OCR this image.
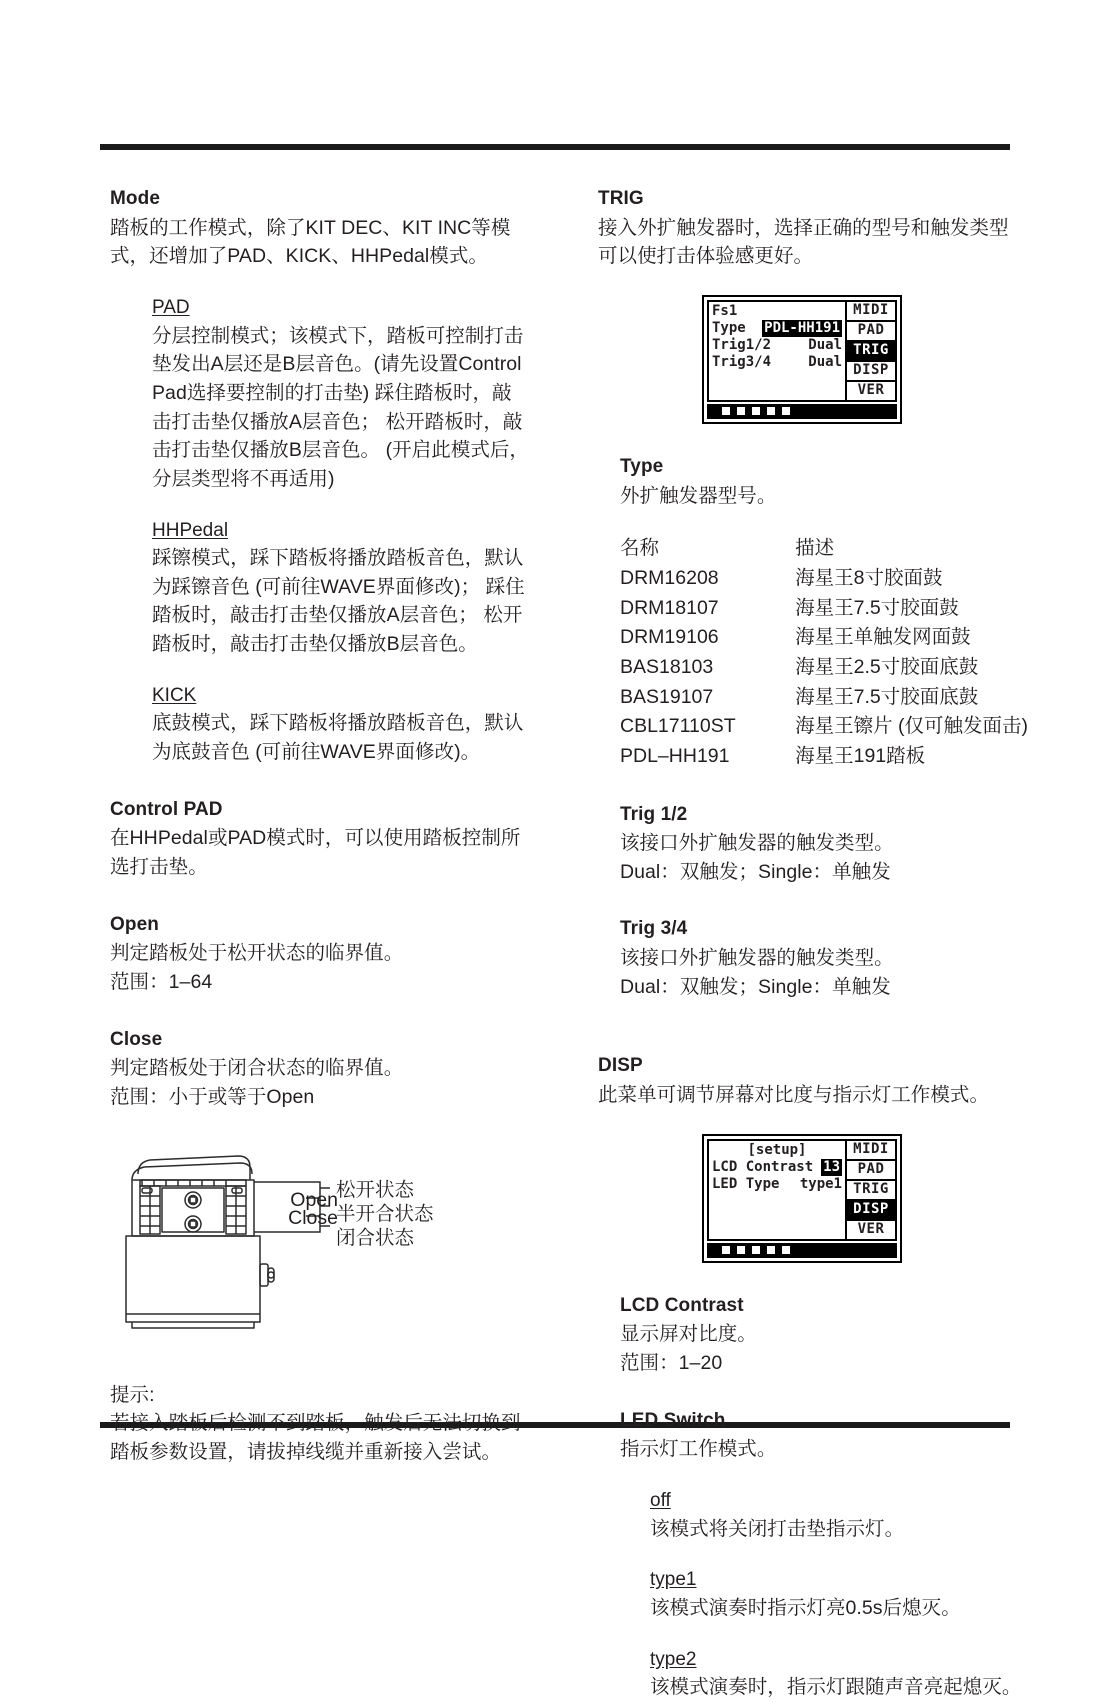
Mode

踏板的工作模式，除了KIT DEC、KIT INC等模式，还增加了PAD、KICK、HHPedal模式。

PAD

分层控制模式；该模式下，踏板可控制打击垫发出A层还是B层音色。(请先设置Control Pad选择要控制的打击垫) 踩住踏板时，敲击打击垫仅播放A层音色； 松开踏板时，敲击打击垫仅播放B层音色。 (开启此模式后，分层类型将不再适用)

HHPedal

踩镲模式，踩下踏板将播放踏板音色，默认为踩镲音色 (可前往WAVE界面修改)； 踩住踏板时，敲击打击垫仅播放A层音色； 松开踏板时，敲击打击垫仅播放B层音色。

KICK

底鼓模式，踩下踏板将播放踏板音色，默认为底鼓音色 (可前往WAVE界面修改)。

Control PAD

在HHPedal或PAD模式时，可以使用踏板控制所选打击垫。

Open

判定踏板处于松开状态的临界值。

范围：1–64

Close

判定踏板处于闭合状态的临界值。

范围：小于或等于Open

Open
Close
松开状态
半开合状态
闭合状态

提示:

若接入踏板后检测不到踏板，触发后无法切换到踏板参数设置，请拔掉线缆并重新接入尝试。

TRIG

接入外扩触发器时，选择正确的型号和触发类型可以使打击体验感更好。

Fs1
Type PDL-HH191
Trig1/2	Dual
Trig3/4	Dual
MIDI
PAD
TRIG
DISP
VER
Type

外扩触发器型号。

名称	描述
DRM16208	海星王8寸胶面鼓
DRM18107	海星王7.5寸胶面鼓
DRM19106	海星王单触发网面鼓
BAS18103	海星王2.5寸胶面底鼓
BAS19107	海星王7.5寸胶面底鼓
CBL17110ST	海星王镲片 (仅可触发面击)
PDL–HH191	海星王191踏板
Trig 1/2

该接口外扩触发器的触发类型。

Dual：双触发；Single：单触发

Trig 3/4

该接口外扩触发器的触发类型。

Dual：双触发；Single：单触发

DISP

此菜单可调节屏幕对比度与指示灯工作模式。

[setup]
LCD Contrast 13
LED Type type1
MIDI
PAD
TRIG
DISP
VER
LCD Contrast

显示屏对比度。

范围：1–20

LED Switch

指示灯工作模式。

off

该模式将关闭打击垫指示灯。

type1

该模式演奏时指示灯亮0.5s后熄灭。

type2

该模式演奏时，指示灯跟随声音亮起熄灭。
